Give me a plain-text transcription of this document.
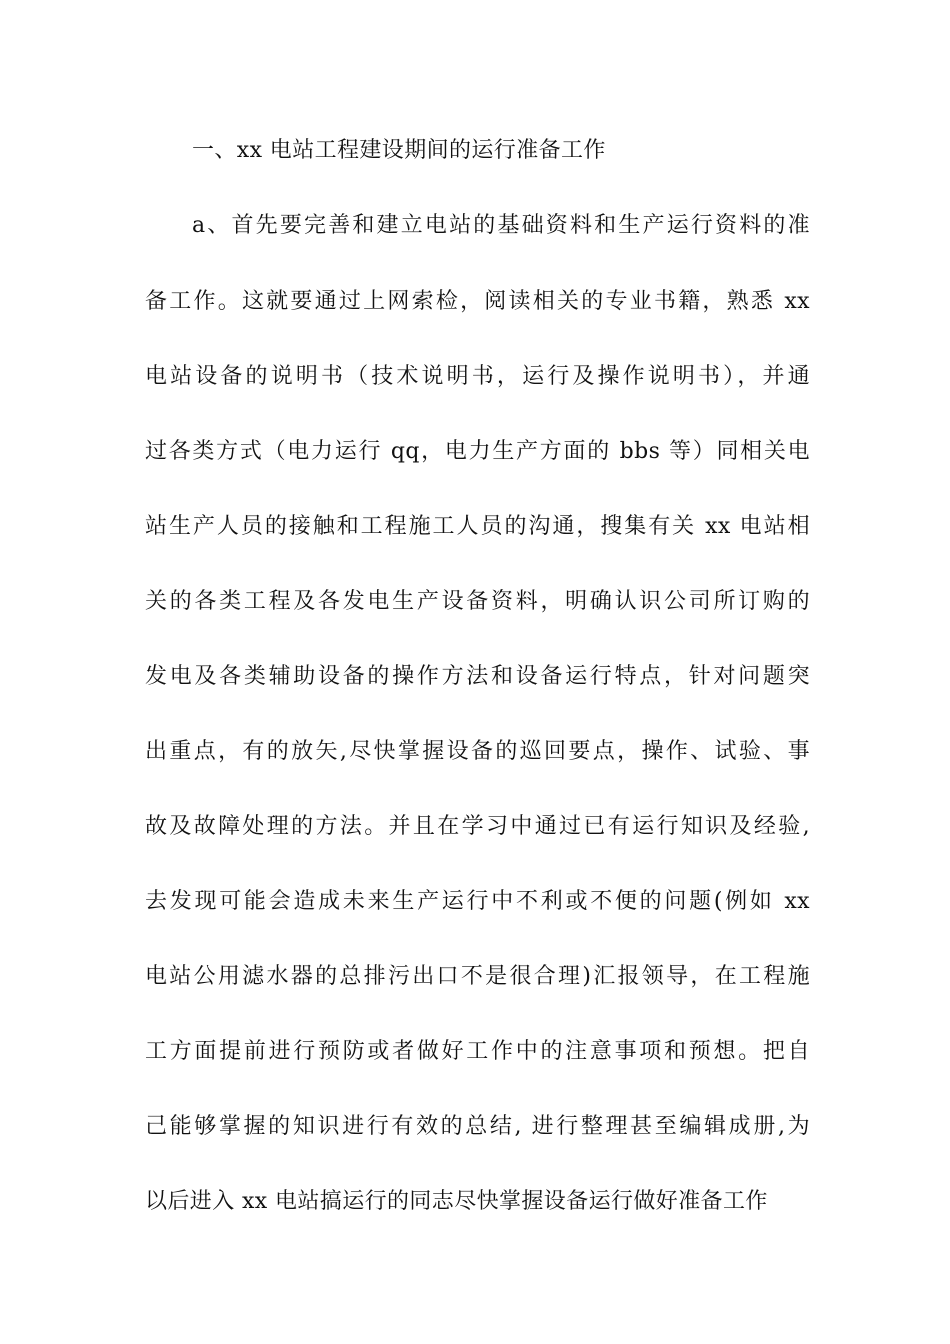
一、xx 电站工程建设期间的运行准备工作

a、首先要完善和建立电站的基础资料和生产运行资料的准

备工作。这就要通过上网索检，阅读相关的专业书籍，熟悉 xx

电站设备的说明书（技术说明书，运行及操作说明书），并通

过各类方式（电力运行 qq，电力生产方面的 bbs 等）同相关电

站生产人员的接触和工程施工人员的沟通，搜集有关 xx 电站相

关的各类工程及各发电生产设备资料，明确认识公司所订购的

发电及各类辅助设备的操作方法和设备运行特点，针对问题突

出重点，有的放矢,尽快掌握设备的巡回要点，操作、试验、事

故及故障处理的方法。并且在学习中通过已有运行知识及经验,

去发现可能会造成未来生产运行中不利或不便的问题(例如 xx

电站公用滤水器的总排污出口不是很合理)汇报领导，在工程施

工方面提前进行预防或者做好工作中的注意事项和预想。把自

己能够掌握的知识进行有效的总结, 进行整理甚至编辑成册,为

以后进入 xx 电站搞运行的同志尽快掌握设备运行做好准备工作
